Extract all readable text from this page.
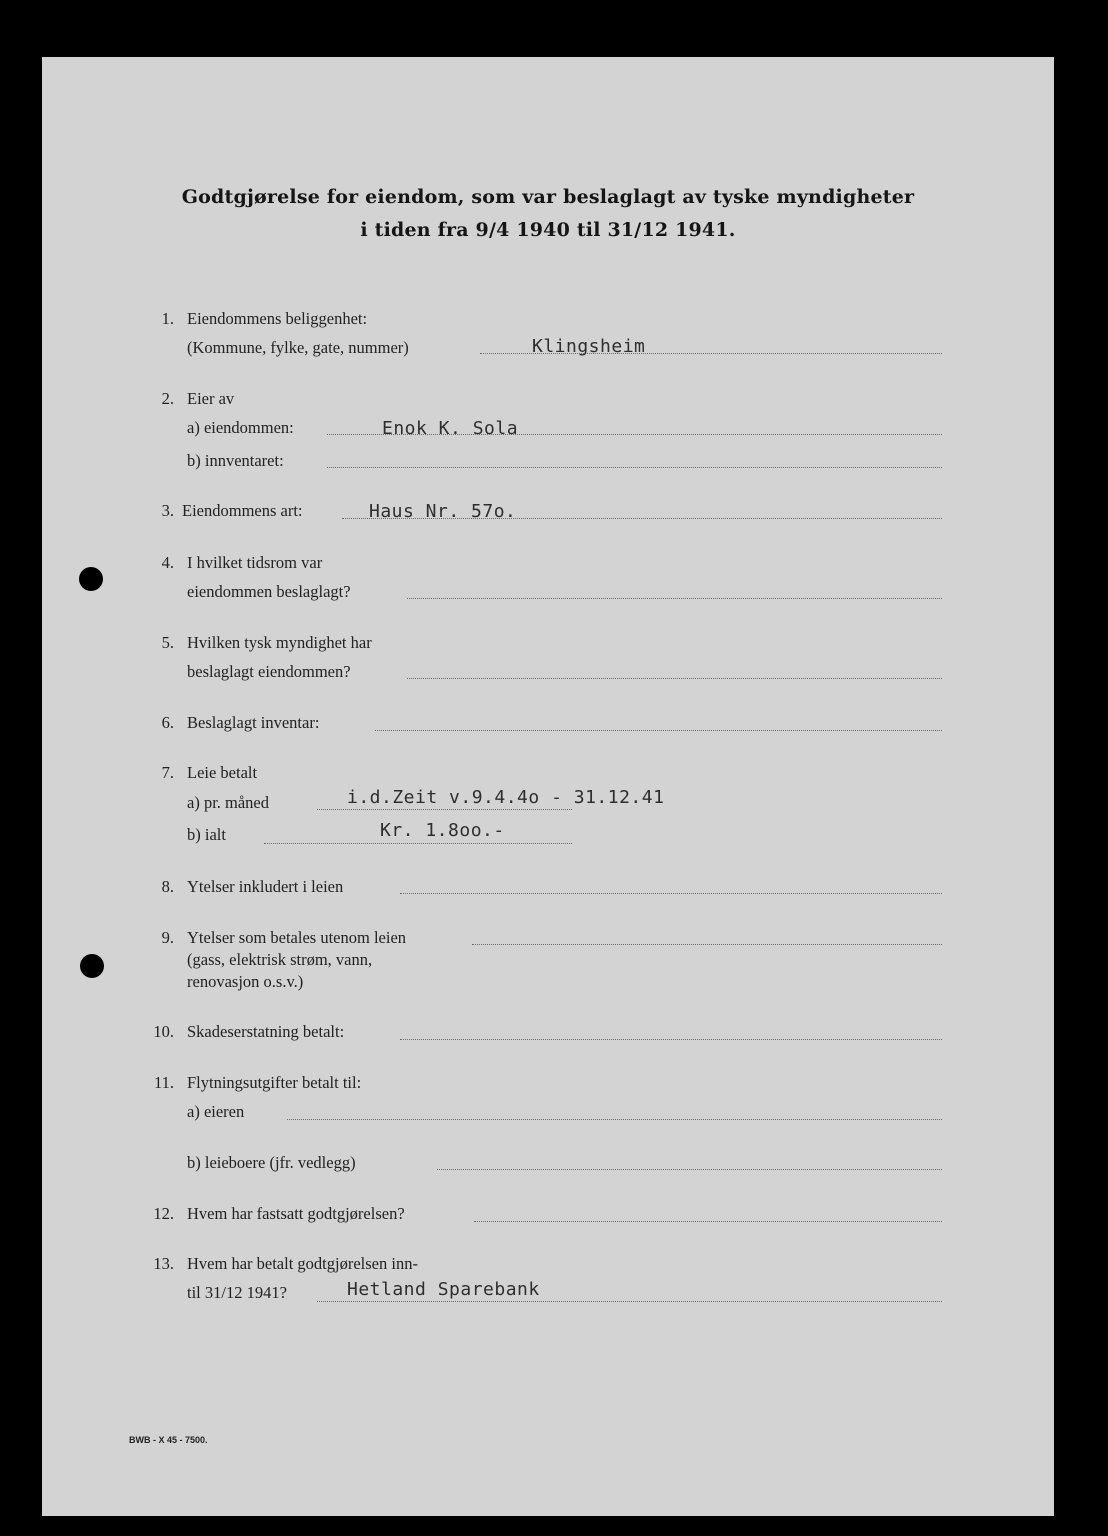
Godtgjørelse for eiendom, som var beslaglagt av tyske myndigheter
i tiden fra 9/4 1940 til 31/12 1941.
1. Eiendommens beliggenhet:
(Kommune, fylke, gate, nummer)	Klingsheim
2. Eier av
a) eiendommen:	Enok K. Sola
b) innventaret:
3. Eiendommens art:	Haus Nr. 57o.
4. I hvilket tidsrom var
eiendommen beslaglagt?
5. Hvilken tysk myndighet har
beslaglagt eiendommen?
6. Beslaglagt inventar:
7. Leie betalt
a) pr. måned	i.d.Zeit v.9.4.4o - 31.12.41
b) ialt	Kr. 1.8oo.-
8. Ytelser inkludert i leien
9. Ytelser som betales utenom leien
(gass, elektrisk strøm, vann,
renovasjon o.s.v.)
10. Skadeserstatning betalt:
11. Flytningsutgifter betalt til:
a) eieren
b) leieboere (jfr. vedlegg)
12. Hvem har fastsatt godtgjørelsen?
13. Hvem har betalt godtgjørelsen inn-
til 31/12 1941?	Hetland Sparebank
BWB - X 45 - 7500.
